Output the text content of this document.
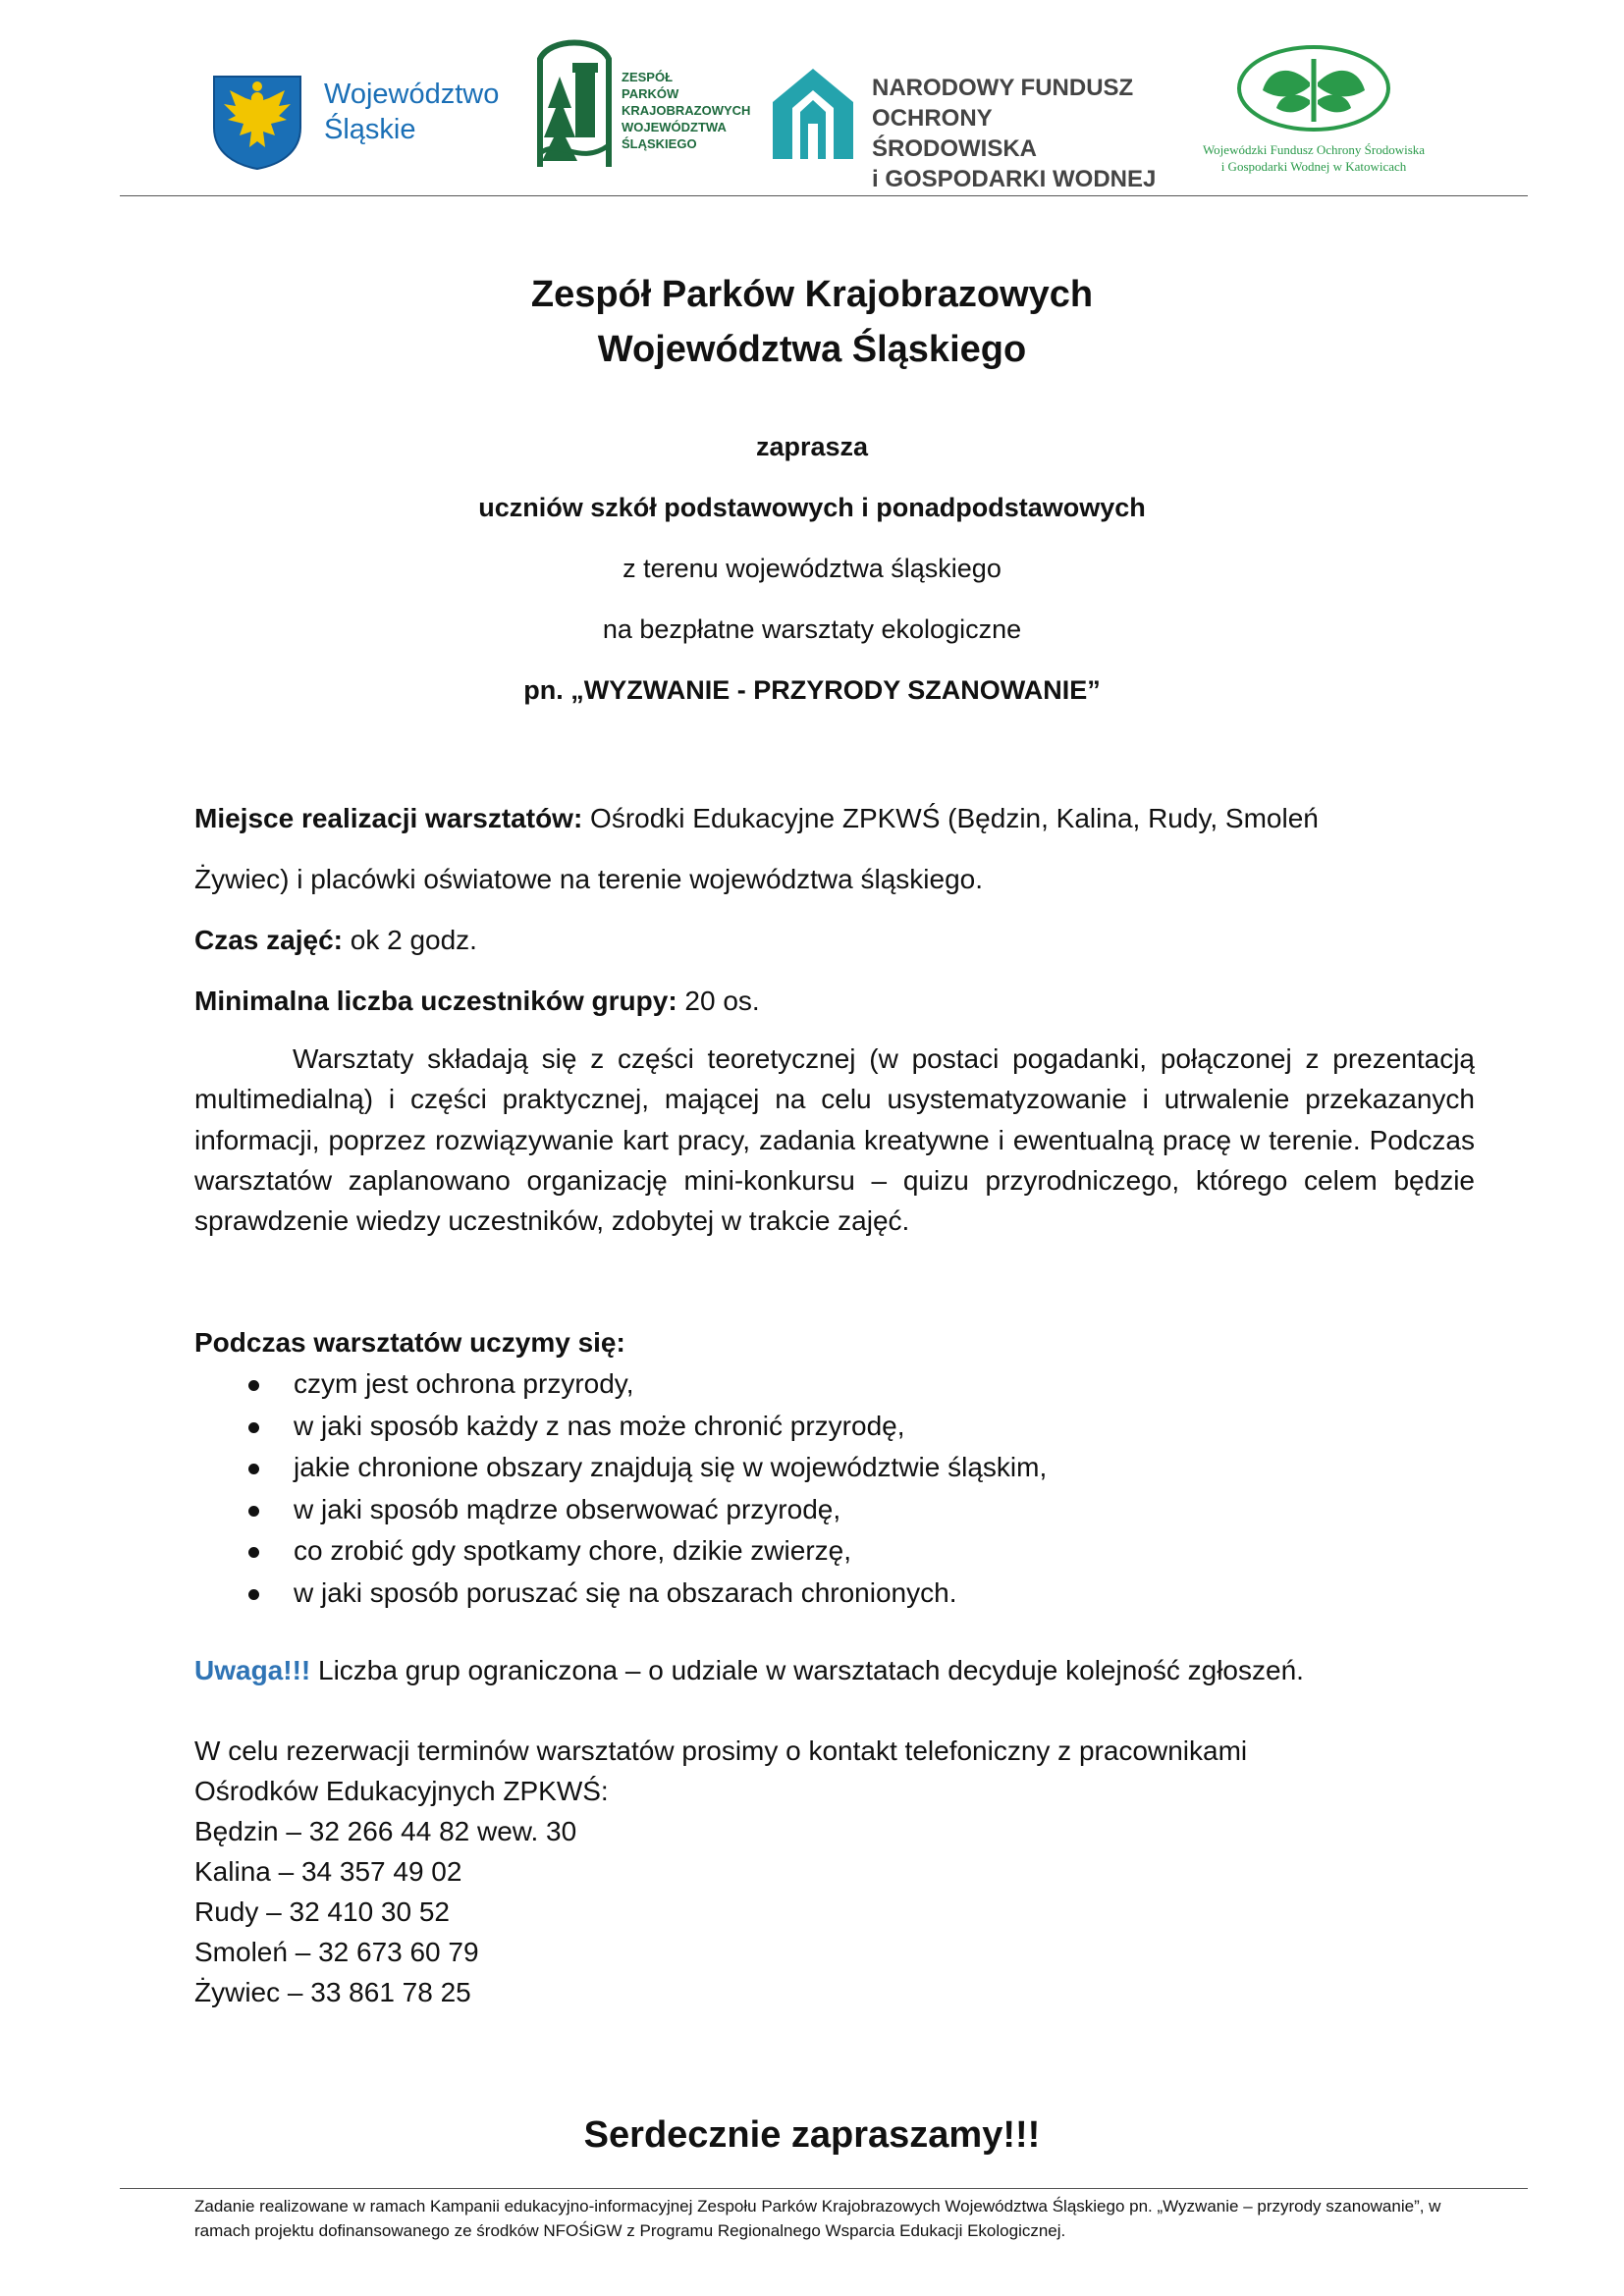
Województwo
Śląskie
ZESPÓŁ
PARKÓW
KRAJOBRAZOWYCH
WOJEWÓDZTWA
ŚLĄSKIEGO
NARODOWY FUNDUSZ
OCHRONY ŚRODOWISKA
i GOSPODARKI WODNEJ
Wojewódzki Fundusz Ochrony Środowiska
i Gospodarki Wodnej w Katowicach
Zespół Parków Krajobrazowych
Województwa Śląskiego
zaprasza
uczniów szkół podstawowych i ponadpodstawowych
z terenu województwa śląskiego
na bezpłatne warsztaty ekologiczne
pn. „WYZWANIE - PRZYRODY SZANOWANIE”
Miejsce realizacji warsztatów: Ośrodki Edukacyjne ZPKWŚ (Będzin, Kalina, Rudy, Smoleń
Żywiec) i placówki oświatowe na terenie województwa śląskiego.
Czas zajęć: ok 2 godz.
Minimalna liczba uczestników grupy: 20 os.
Warsztaty składają się z części teoretycznej (w postaci pogadanki, połączonej z prezentacją multimedialną) i części praktycznej, mającej na celu usystematyzowanie i utrwalenie przekazanych informacji, poprzez rozwiązywanie kart pracy, zadania kreatywne i ewentualną pracę w terenie. Podczas warsztatów zaplanowano organizację mini-konkursu – quizu przyrodniczego, którego celem będzie sprawdzenie wiedzy uczestników, zdobytej w trakcie zajęć.
Podczas warsztatów uczymy się:
czym jest ochrona przyrody,
w jaki sposób każdy z nas może chronić przyrodę,
jakie chronione obszary znajdują się w województwie śląskim,
w jaki sposób mądrze obserwować przyrodę,
co zrobić gdy spotkamy chore, dzikie zwierzę,
w jaki sposób poruszać się na obszarach chronionych.
Uwaga!!! Liczba grup ograniczona – o udziale w warsztatach decyduje kolejność zgłoszeń.
W celu rezerwacji terminów warsztatów prosimy o kontakt telefoniczny z pracownikami
Ośrodków Edukacyjnych ZPKWŚ:
Będzin – 32 266 44 82 wew. 30
Kalina – 34 357 49 02
Rudy – 32 410 30 52
Smoleń – 32 673 60 79
Żywiec – 33 861 78 25
Serdecznie zapraszamy!!!
Zadanie realizowane w ramach Kampanii edukacyjno-informacyjnej Zespołu Parków Krajobrazowych Województwa Śląskiego pn. „Wyzwanie – przyrody szanowanie”, w ramach projektu dofinansowanego ze środków NFOŚiGW z Programu Regionalnego Wsparcia Edukacji Ekologicznej.
